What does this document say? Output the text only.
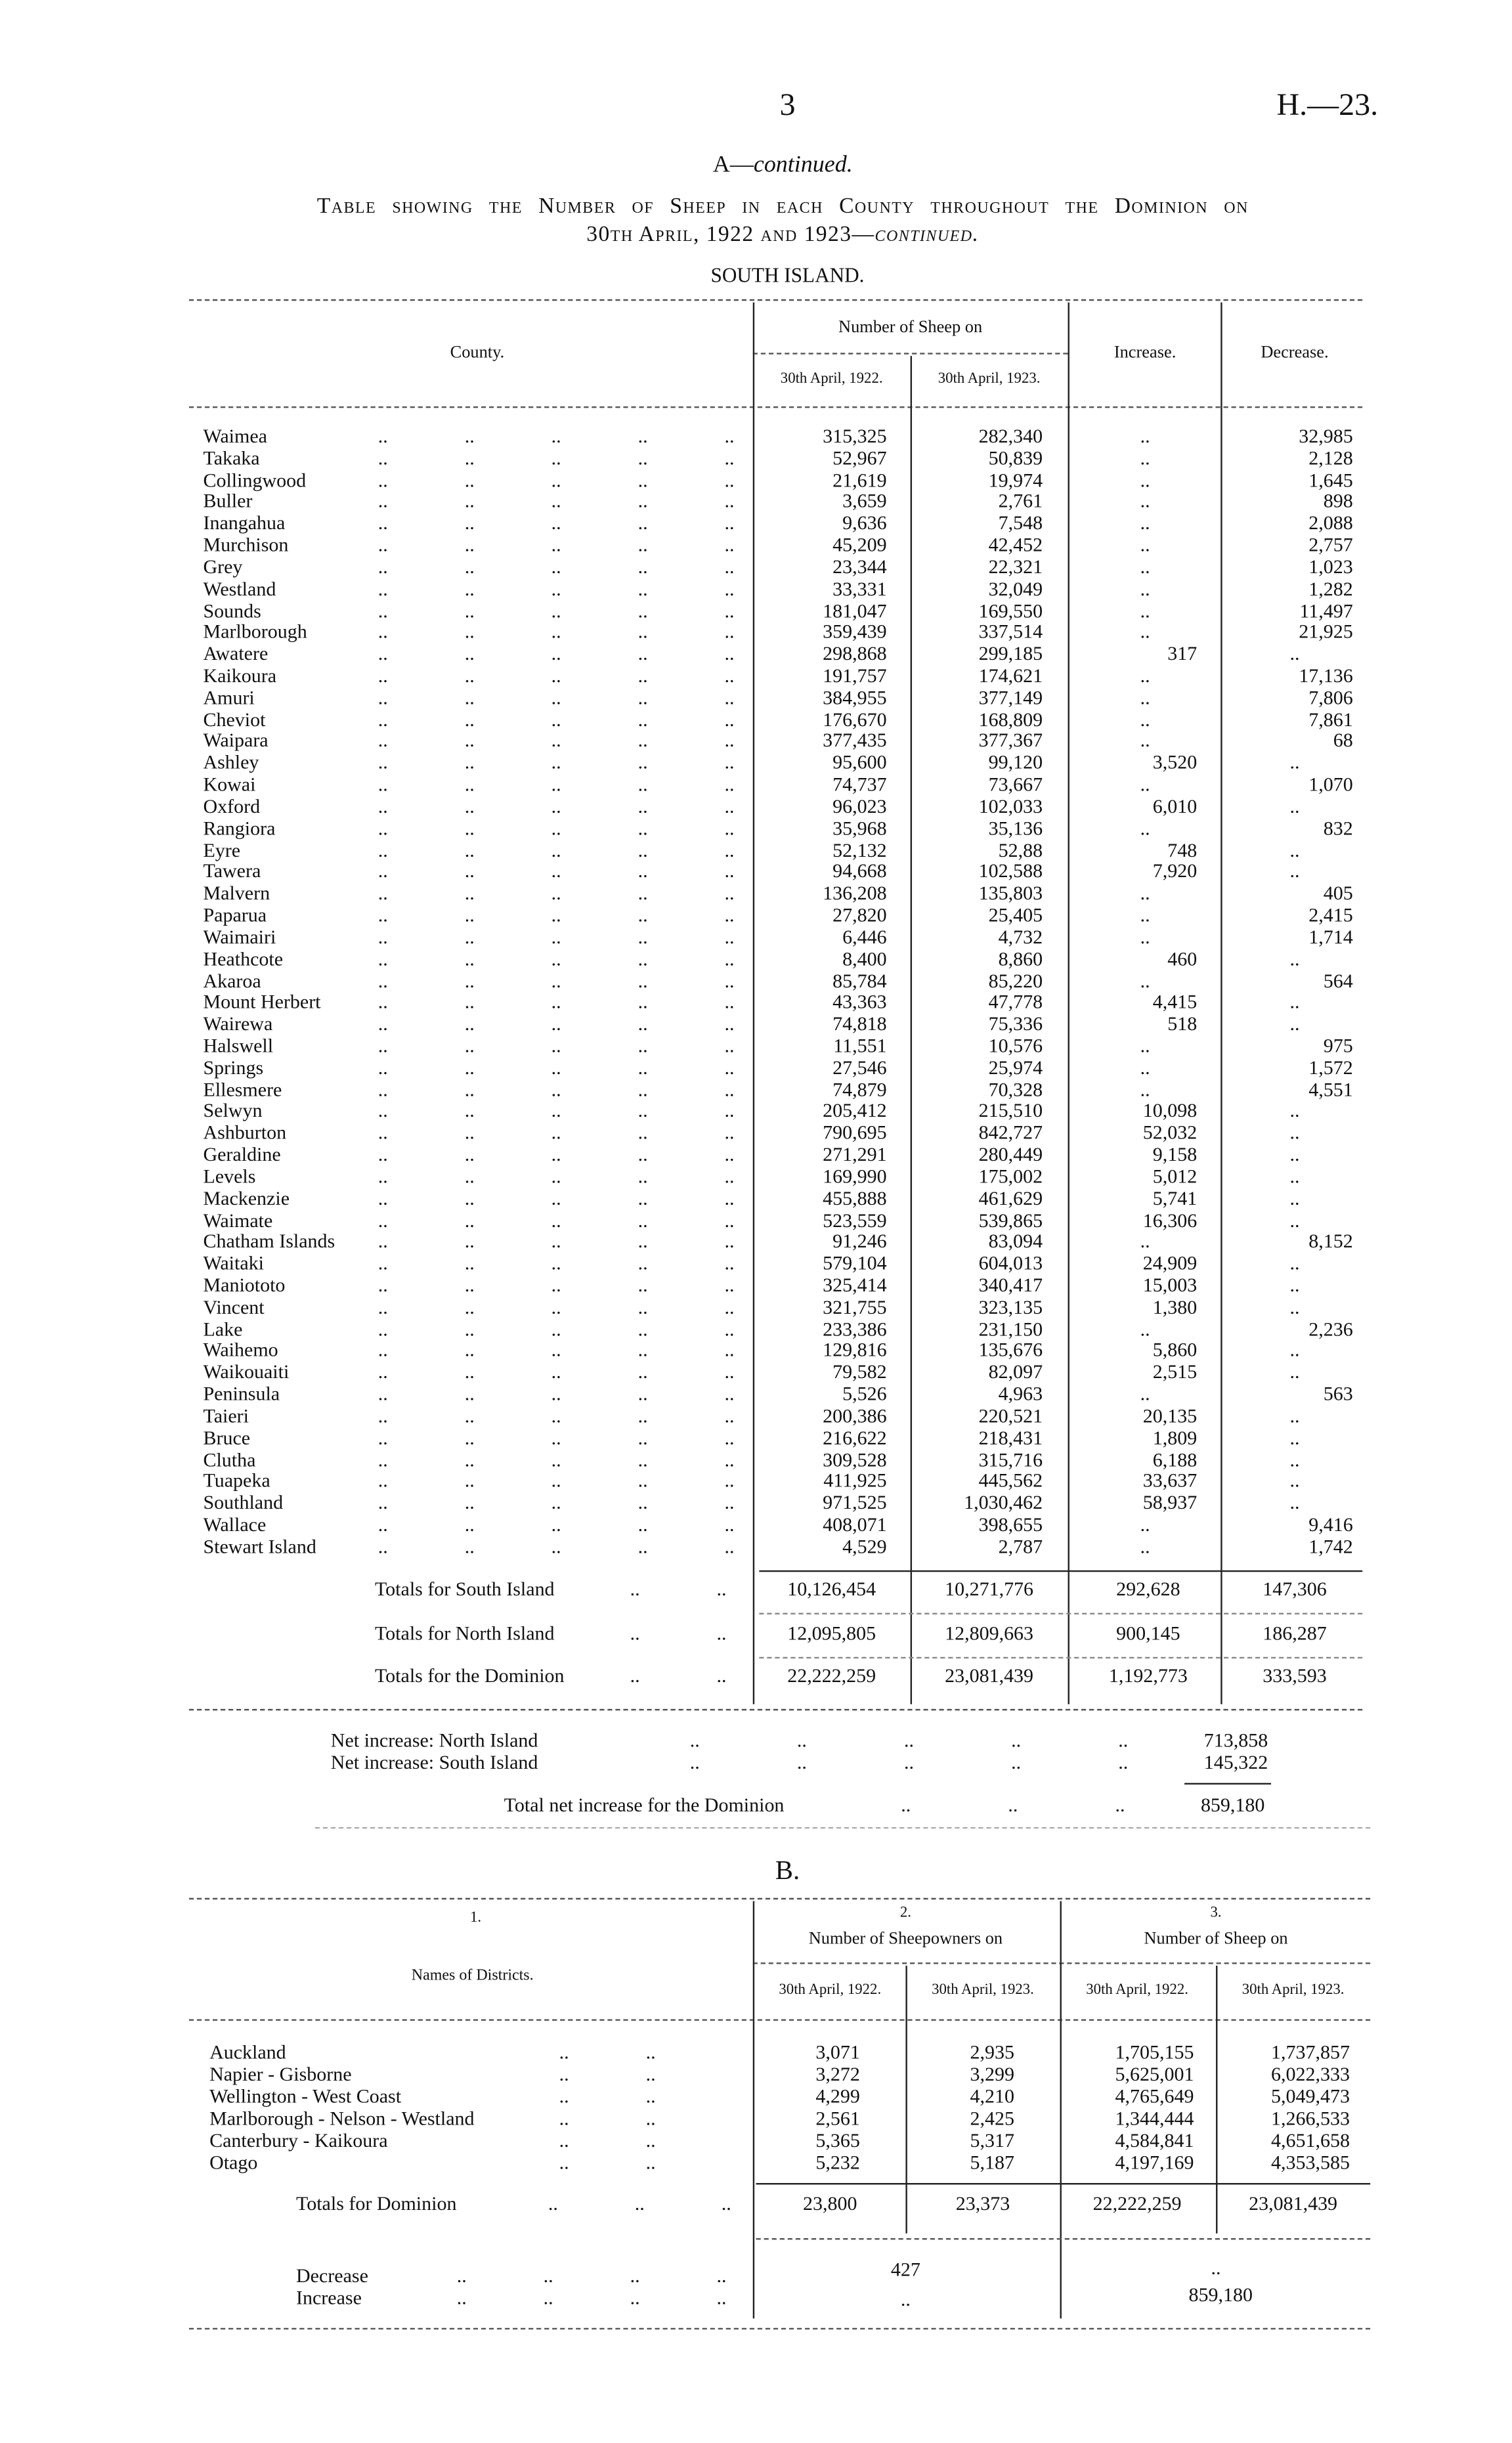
3	H.—23.
A—continued.
Table showing the Number of Sheep in each County throughout the Dominion on
30th April, 1922 and 1923—continued.
SOUTH ISLAND.
County.
Number of Sheep on
30th April, 1922.	30th April, 1923.
Increase.	Decrease.
Waimea	..	..	..	..	..	315,325	282,340	..	32,985
Takaka	..	..	..	..	..	52,967	50,839	..	2,128
Collingwood	..	..	..	..	..	21,619	19,974	..	1,645
Buller	..	..	..	..	..	3,659	2,761	..	898
Inangahua	..	..	..	..	..	9,636	7,548	..	2,088
Murchison	..	..	..	..	..	45,209	42,452	..	2,757
Grey	..	..	..	..	..	23,344	22,321	..	1,023
Westland	..	..	..	..	..	33,331	32,049	..	1,282
Sounds	..	..	..	..	..	181,047	169,550	..	11,497
Marlborough	..	..	..	..	..	359,439	337,514	..	21,925
Awatere	..	..	..	..	..	298,868	299,185	317	..
Kaikoura	..	..	..	..	..	191,757	174,621	..	17,136
Amuri	..	..	..	..	..	384,955	377,149	..	7,806
Cheviot	..	..	..	..	..	176,670	168,809	..	7,861
Waipara	..	..	..	..	..	377,435	377,367	..	68
Ashley	..	..	..	..	..	95,600	99,120	3,520	..
Kowai	..	..	..	..	..	74,737	73,667	..	1,070
Oxford	..	..	..	..	..	96,023	102,033	6,010	..
Rangiora	..	..	..	..	..	35,968	35,136	..	832
Eyre	..	..	..	..	..	52,132	52,88	748	..
Tawera	..	..	..	..	..	94,668	102,588	7,920	..
Malvern	..	..	..	..	..	136,208	135,803	..	405
Paparua	..	..	..	..	..	27,820	25,405	..	2,415
Waimairi	..	..	..	..	..	6,446	4,732	..	1,714
Heathcote	..	..	..	..	..	8,400	8,860	460	..
Akaroa	..	..	..	..	..	85,784	85,220	..	564
Mount Herbert	..	..	..	..	..	43,363	47,778	4,415	..
Wairewa	..	..	..	..	..	74,818	75,336	518	..
Halswell	..	..	..	..	..	11,551	10,576	..	975
Springs	..	..	..	..	..	27,546	25,974	..	1,572
Ellesmere	..	..	..	..	..	74,879	70,328	..	4,551
Selwyn	..	..	..	..	..	205,412	215,510	10,098	..
Ashburton	..	..	..	..	..	790,695	842,727	52,032	..
Geraldine	..	..	..	..	..	271,291	280,449	9,158	..
Levels	..	..	..	..	..	169,990	175,002	5,012	..
Mackenzie	..	..	..	..	..	455,888	461,629	5,741	..
Waimate	..	..	..	..	..	523,559	539,865	16,306	..
Chatham Islands	..	..	..	..	..	91,246	83,094	..	8,152
Waitaki	..	..	..	..	..	579,104	604,013	24,909	..
Maniototo	..	..	..	..	..	325,414	340,417	15,003	..
Vincent	..	..	..	..	..	321,755	323,135	1,380	..
Lake	..	..	..	..	..	233,386	231,150	..	2,236
Waihemo	..	..	..	..	..	129,816	135,676	5,860	..
Waikouaiti	..	..	..	..	..	79,582	82,097	2,515	..
Peninsula	..	..	..	..	..	5,526	4,963	..	563
Taieri	..	..	..	..	..	200,386	220,521	20,135	..
Bruce	..	..	..	..	..	216,622	218,431	1,809	..
Clutha	..	..	..	..	..	309,528	315,716	6,188	..
Tuapeka	..	..	..	..	..	411,925	445,562	33,637	..
Southland	..	..	..	..	..	971,525	1,030,462	58,937	..
Wallace	..	..	..	..	..	408,071	398,655	..	9,416
Stewart Island	..	..	..	..	..	4,529	2,787	..	1,742
Totals for South Island	..	..	10,126,454	10,271,776	292,628	147,306
Totals for North Island	..	..	12,095,805	12,809,663	900,145	186,287
Totals for the Dominion	..	..	22,222,259	23,081,439	1,192,773	333,593
Net increase: North Island	713,858
Net increase: South Island	145,322
Total net increase for the Dominion	859,180
..	..	..	..	..
..	..	..	..	..
..	..	..
B.
1.
Names of Districts.
2.
Number of Sheepowners on
3.
Number of Sheep on
30th April, 1922.	30th April, 1923.	30th April, 1922.	30th April, 1923.
Auckland	..	..	3,071	2,935	1,705,155	1,737,857
Napier - Gisborne	..	..	3,272	3,299	5,625,001	6,022,333
Wellington - West Coast	..	..	4,299	4,210	4,765,649	5,049,473
Marlborough - Nelson - Westland	..	..	2,561	2,425	1,344,444	1,266,533
Canterbury - Kaikoura	..	..	5,365	5,317	4,584,841	4,651,658
Otago	..	..	5,232	5,187	4,197,169	4,353,585
Totals for Dominion	..	..	..	23,800	23,373	22,222,259	23,081,439
Decrease	..	..	..	..	427	..
Increase	..	..	..	..	..	859,180
